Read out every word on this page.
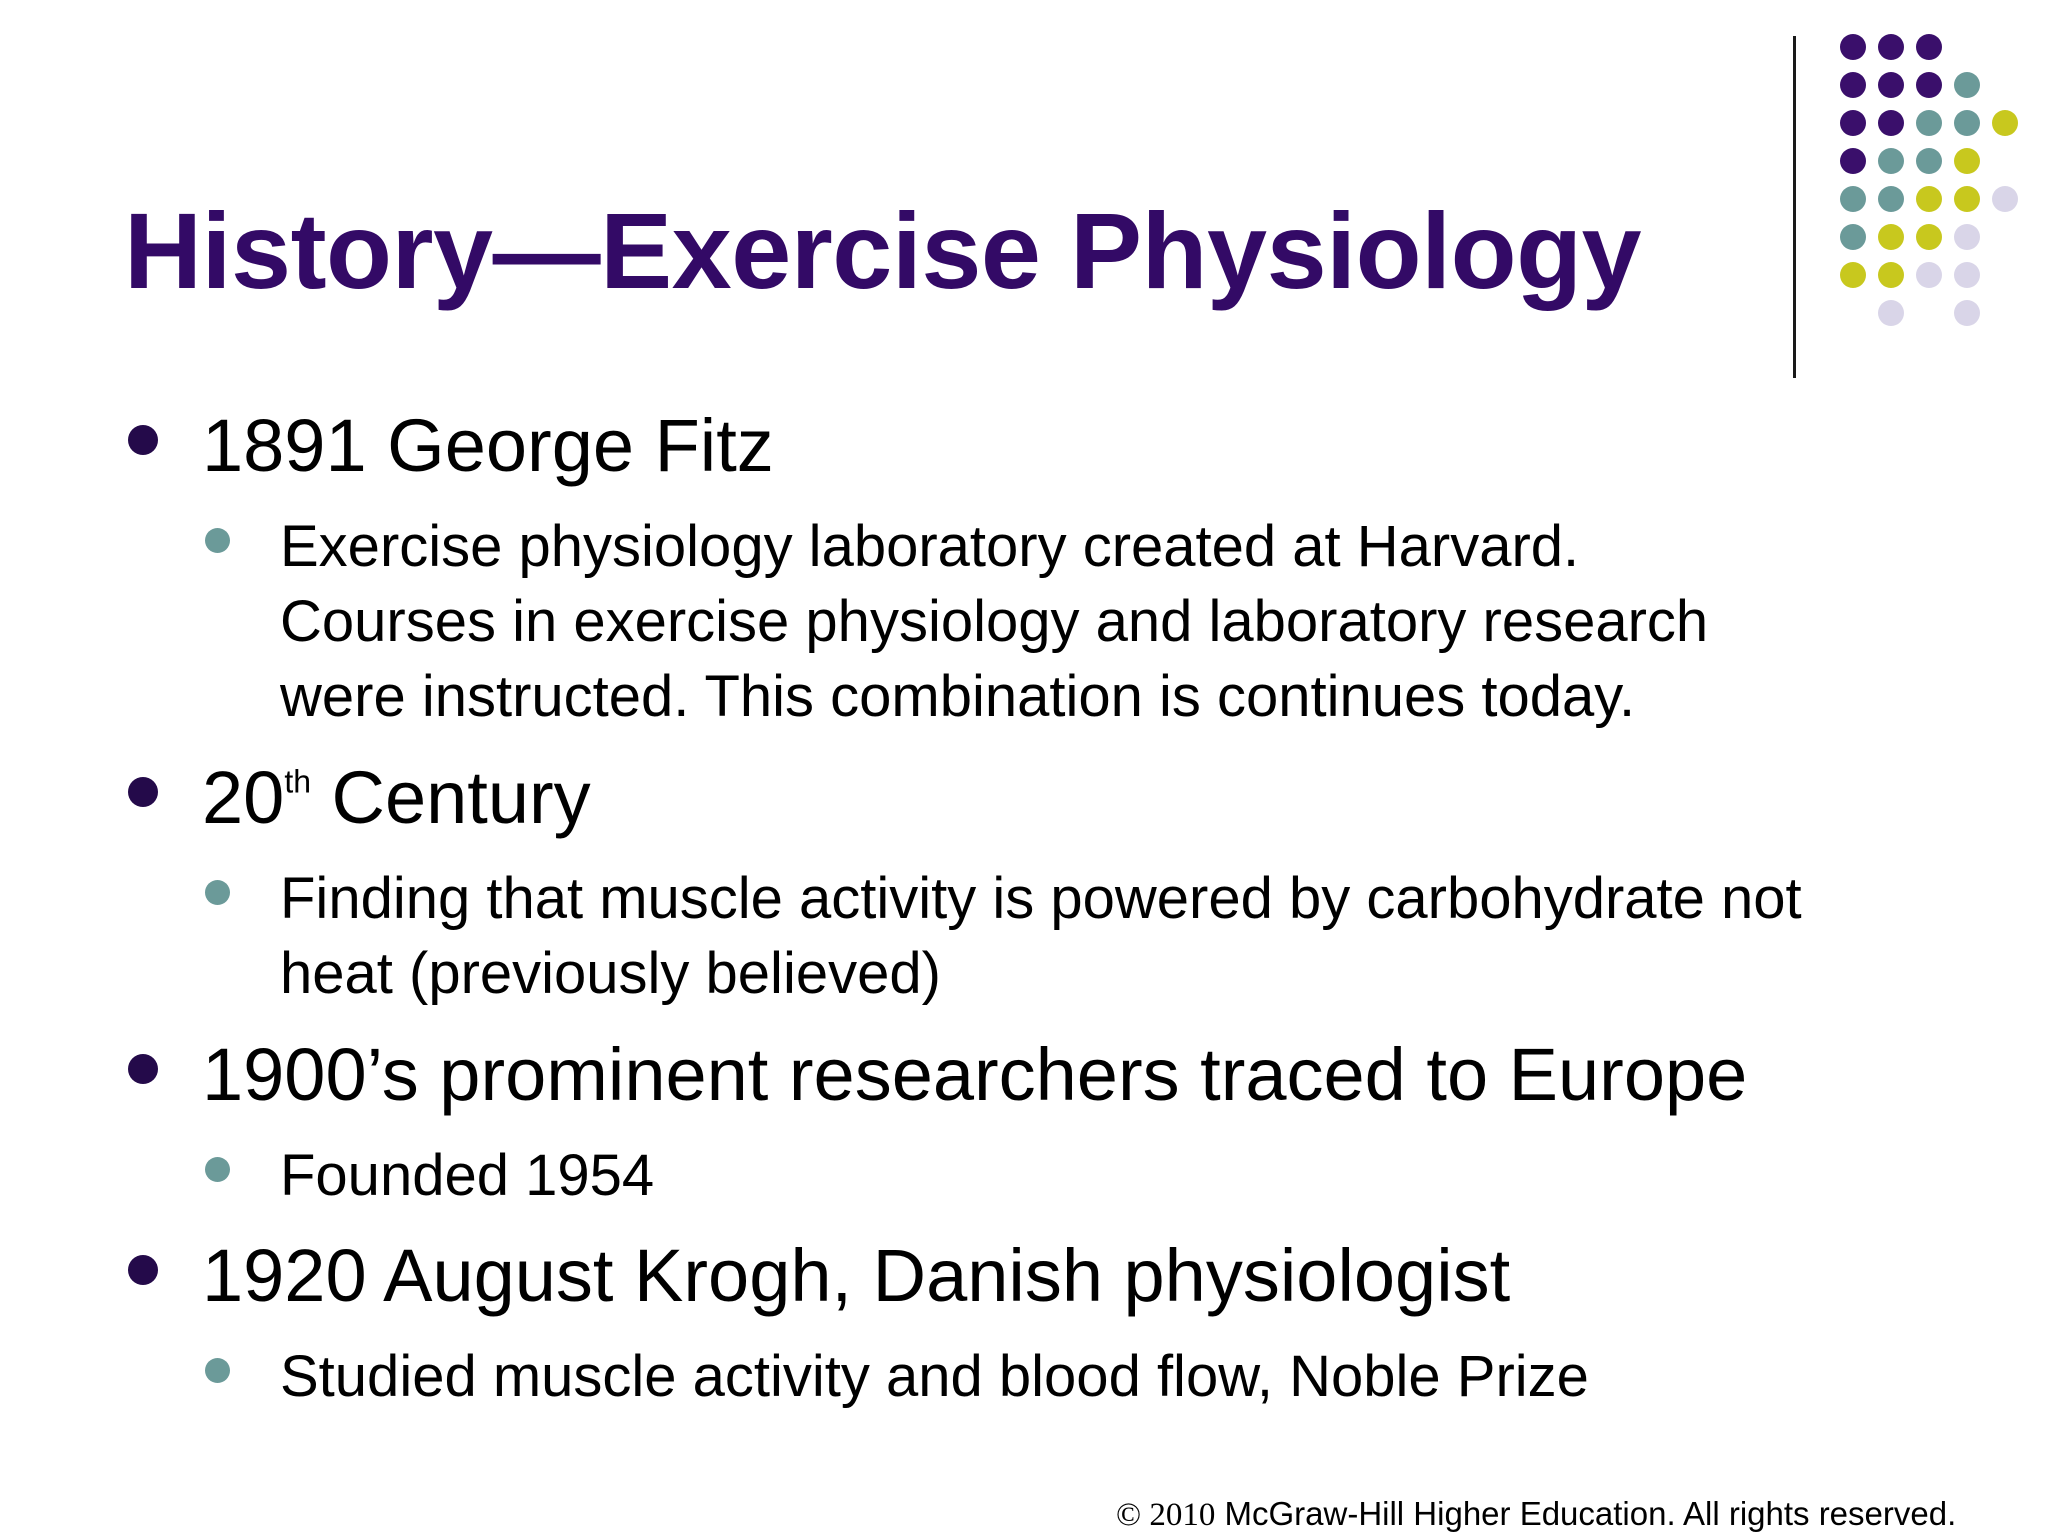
History—Exercise Physiology
1891 George Fitz
Exercise physiology laboratory created at Harvard.
Courses in exercise physiology and laboratory research
were instructed. This combination is continues today.
20th Century
Finding that muscle activity is powered by carbohydrate not
heat (previously believed)
1900’s prominent researchers traced to Europe
Founded 1954
1920 August Krogh, Danish physiologist
Studied muscle activity and blood flow, Noble Prize
© 2010 McGraw-Hill Higher Education. All rights reserved.
